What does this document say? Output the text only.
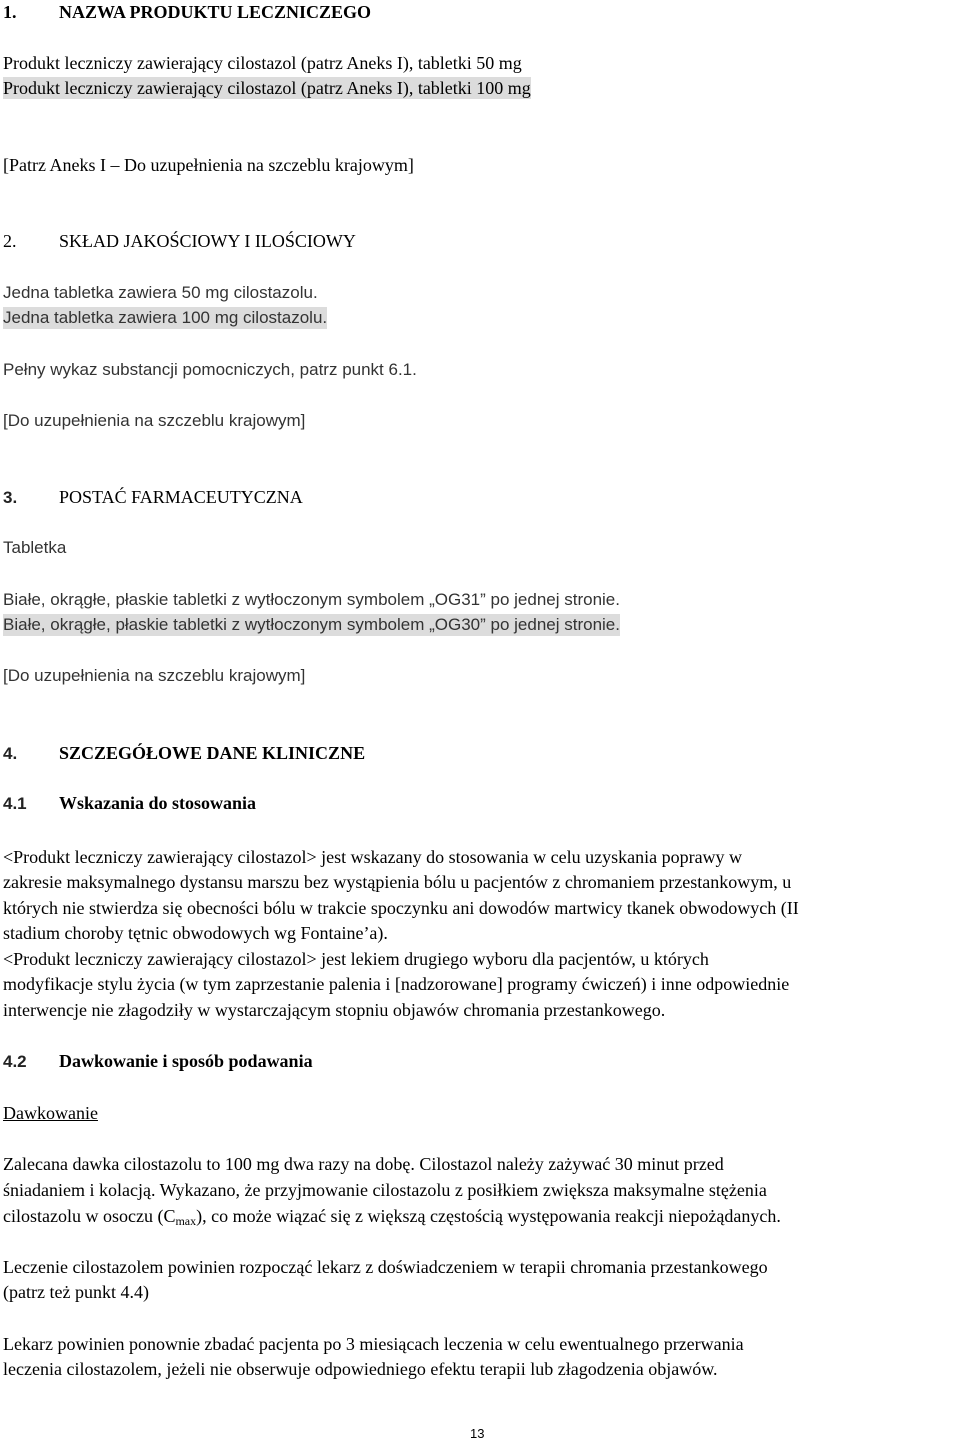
1. NAZWA PRODUKTU LECZNICZEGO
Produkt leczniczy zawierający cilostazol (patrz Aneks I), tabletki 50 mg
Produkt leczniczy zawierający cilostazol (patrz Aneks I), tabletki 100 mg
[Patrz Aneks I – Do uzupełnienia na szczeblu krajowym]
2. SKŁAD JAKOŚCIOWY I ILOŚCIOWY
Jedna tabletka zawiera 50 mg cilostazolu.
Jedna tabletka zawiera 100 mg cilostazolu.
Pełny wykaz substancji pomocniczych, patrz punkt 6.1.
[Do uzupełnienia na szczeblu krajowym]
3. POSTAĆ FARMACEUTYCZNA
Tabletka
Białe, okrągłe, płaskie tabletki z wytłoczonym symbolem „OG31” po jednej stronie.
Białe, okrągłe, płaskie tabletki z wytłoczonym symbolem „OG30” po jednej stronie.
[Do uzupełnienia na szczeblu krajowym]
4. SZCZEGÓŁOWE DANE KLINICZNE
4.1 Wskazania do stosowania
<Produkt leczniczy zawierający cilostazol> jest wskazany do stosowania w celu uzyskania poprawy w
zakresie maksymalnego dystansu marszu bez wystąpienia bólu u pacjentów z chromaniem przestankowym, u
których nie stwierdza się obecności bólu w trakcie spoczynku ani dowodów martwicy tkanek obwodowych (II
stadium choroby tętnic obwodowych wg Fontaine’a).
<Produkt leczniczy zawierający cilostazol> jest lekiem drugiego wyboru dla pacjentów, u których
modyfikacje stylu życia (w tym zaprzestanie palenia i [nadzorowane] programy ćwiczeń) i inne odpowiednie
interwencje nie złagodziły w wystarczającym stopniu objawów chromania przestankowego.
4.2 Dawkowanie i sposób podawania
Dawkowanie
Zalecana dawka cilostazolu to 100 mg dwa razy na dobę. Cilostazol należy zażywać 30 minut przed
śniadaniem i kolacją. Wykazano, że przyjmowanie cilostazolu z posiłkiem zwiększa maksymalne stężenia
cilostazolu w osoczu $(C_{max})$, co może wiązać się z większą częstością występowania reakcji niepożądanych.
Leczenie cilostazolem powinien rozpocząć lekarz z doświadczeniem w terapii chromania przestankowego
(patrz też punkt 4.4)
Lekarz powinien ponownie zbadać pacjenta po 3 miesiącach leczenia w celu ewentualnego przerwania
leczenia cilostazolem, jeżeli nie obserwuje odpowiedniego efektu terapii lub złagodzenia objawów.
13
